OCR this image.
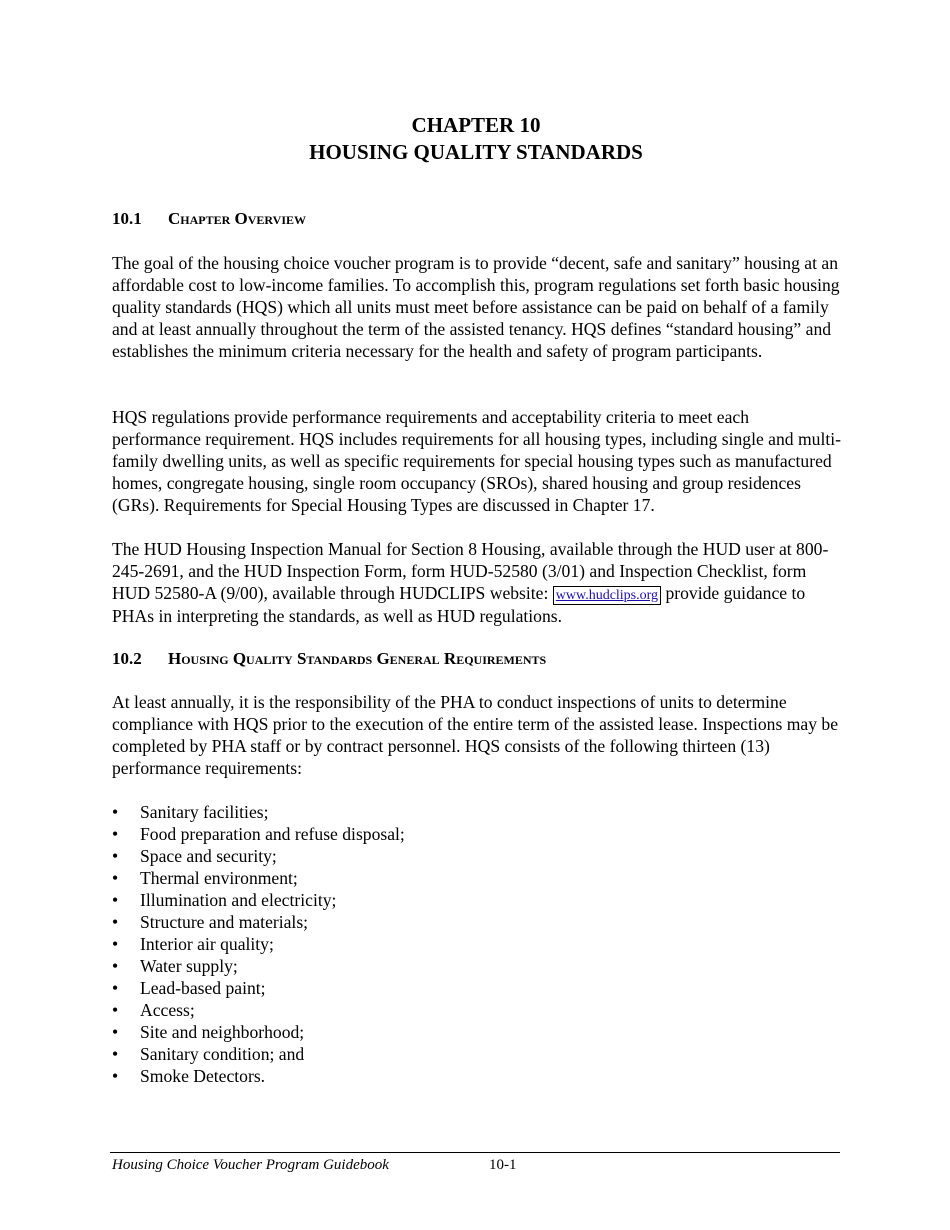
CHAPTER 10
HOUSING QUALITY STANDARDS
10.1 Chapter Overview

The goal of the housing choice voucher program is to provide “decent, safe and sanitary” housing at an affordable cost to low-income families. To accomplish this, program regulations set forth basic housing quality standards (HQS) which all units must meet before assistance can be paid on behalf of a family and at least annually throughout the term of the assisted tenancy. HQS defines “standard housing” and establishes the minimum criteria necessary for the health and safety of program participants.

HQS regulations provide performance requirements and acceptability criteria to meet each performance requirement. HQS includes requirements for all housing types, including single and multi-family dwelling units, as well as specific requirements for special housing types such as manufactured homes, congregate housing, single room occupancy (SROs), shared housing and group residences (GRs). Requirements for Special Housing Types are discussed in Chapter 17.

The HUD Housing Inspection Manual for Section 8 Housing, available through the HUD user at 800-245-2691, and the HUD Inspection Form, form HUD-52580 (3/01) and Inspection Checklist, form HUD 52580-A (9/00), available through HUDCLIPS website: www.hudclips.org provide guidance to PHAs in interpreting the standards, as well as HUD regulations.

10.2 Housing Quality Standards General Requirements

At least annually, it is the responsibility of the PHA to conduct inspections of units to determine compliance with HQS prior to the execution of the entire term of the assisted lease. Inspections may be completed by PHA staff or by contract personnel. HQS consists of the following thirteen (13) performance requirements:

• Sanitary facilities;
• Food preparation and refuse disposal;
• Space and security;
• Thermal environment;
• Illumination and electricity;
• Structure and materials;
• Interior air quality;
• Water supply;
• Lead-based paint;
• Access;
• Site and neighborhood;
• Sanitary condition; and
• Smoke Detectors.
Housing Choice Voucher Program Guidebook	10-1
